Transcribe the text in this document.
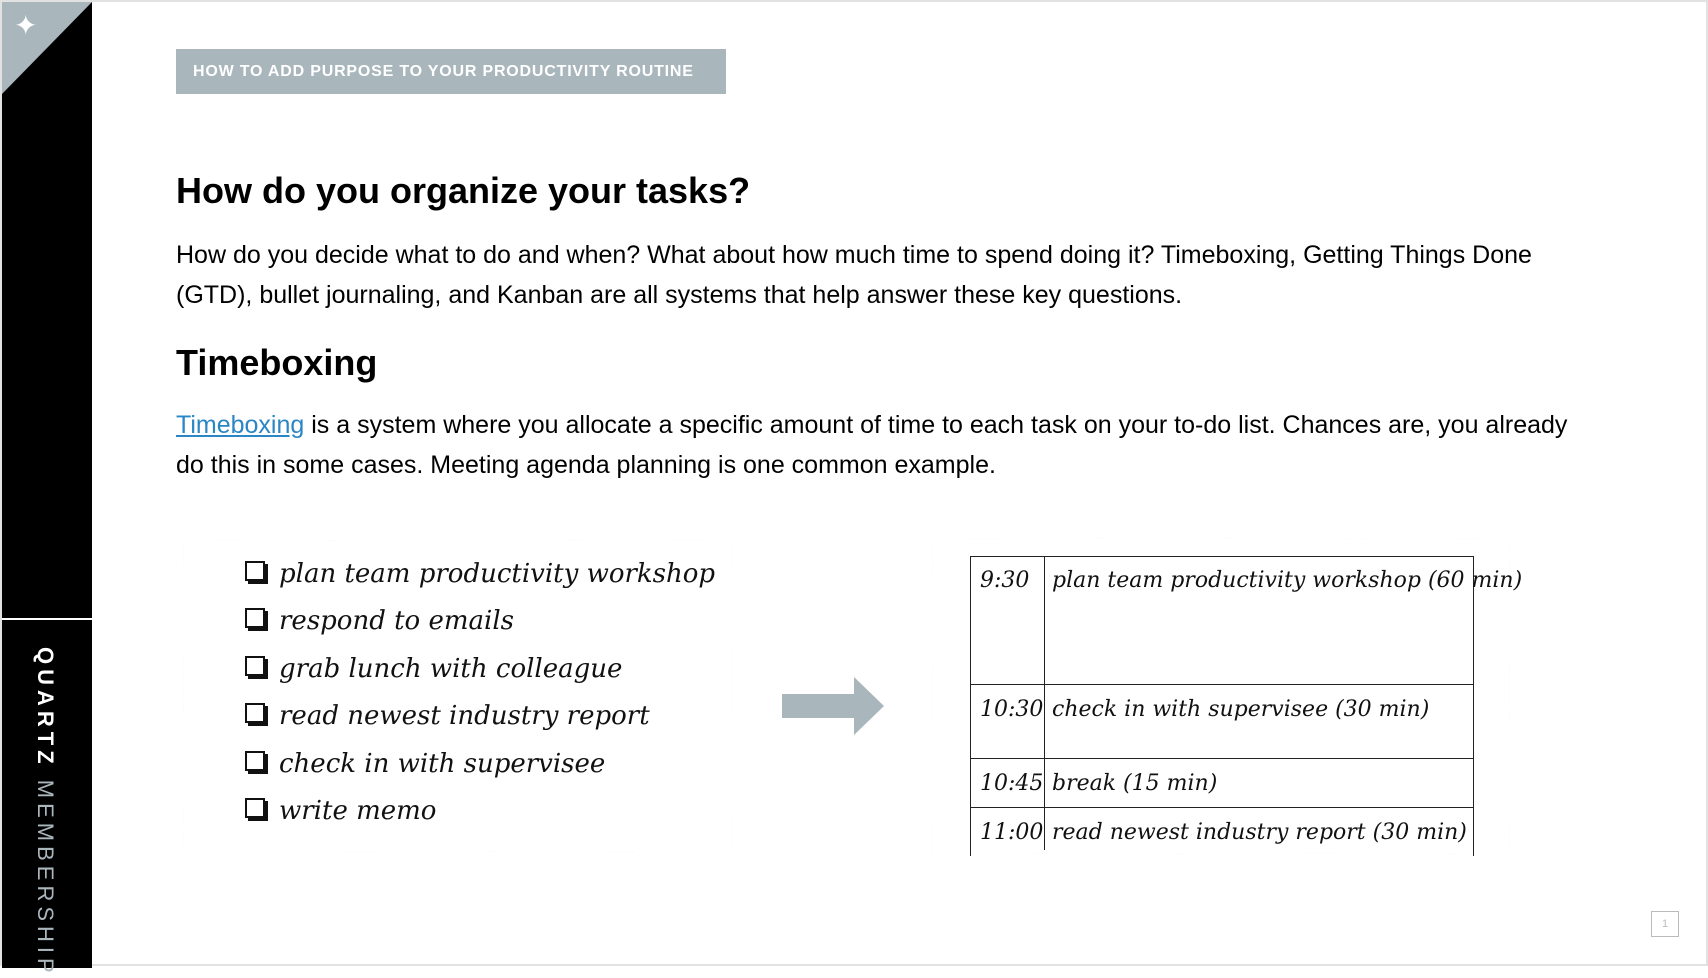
✦
QUARTZ MEMBERSHIP
HOW TO ADD PURPOSE TO YOUR PRODUCTIVITY ROUTINE
How do you organize your tasks?

How do you decide what to do and when? What about how much time to spend doing it? Timeboxing, Getting Things Done (GTD), bullet journaling, and Kanban are all systems that help answer these key questions.

Timeboxing

Timeboxing is a system where you allocate a specific amount of time to each task on your to-do list. Chances are, you already do this in some cases. Meeting agenda planning is one common example.

plan team productivity workshop
respond to emails
grab lunch with colleague
read newest industry report
check in with supervisee
write memo
9:30 plan team productivity workshop (60 min)
10:30 check in with supervisee (30 min)
10:45 break (15 min)
11:00 read newest industry report (30 min)
1
